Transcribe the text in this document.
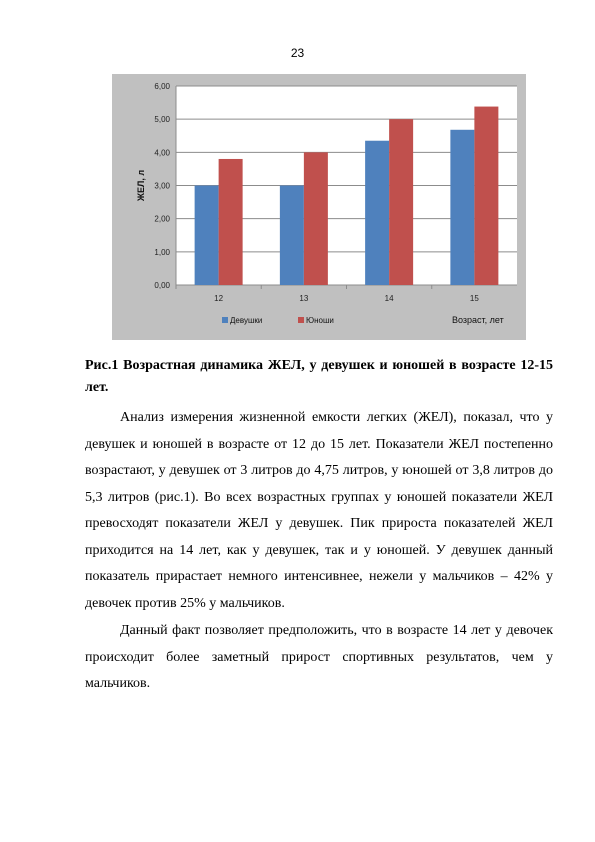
23
0,00
1,00
2,00
3,00
4,00
5,00
6,00
12	13	14	15
ЖЕЛ, л
Девушки	Юноши	Возраст, лет
Рис.1 Возрастная динамика ЖЕЛ, у девушек и юношей в возрасте 12-15 лет.

Анализ измерения жизненной емкости легких (ЖЕЛ), показал, что у девушек и юношей в возрасте от 12 до 15 лет. Показатели ЖЕЛ постепенно возрастают, у девушек от 3 литров до 4,75 литров, у юношей от 3,8 литров до 5,3 литров (рис.1). Во всех возрастных группах у юношей показатели ЖЕЛ превосходят показатели ЖЕЛ у девушек. Пик прироста показателей ЖЕЛ приходится на 14 лет, как у девушек, так и у юношей. У девушек данный показатель прирастает немного интенсивнее, нежели у мальчиков – 42% у девочек против 25% у мальчиков.

Данный факт позволяет предположить, что в возрасте 14 лет у девочек происходит более заметный прирост спортивных результатов, чем у мальчиков.
